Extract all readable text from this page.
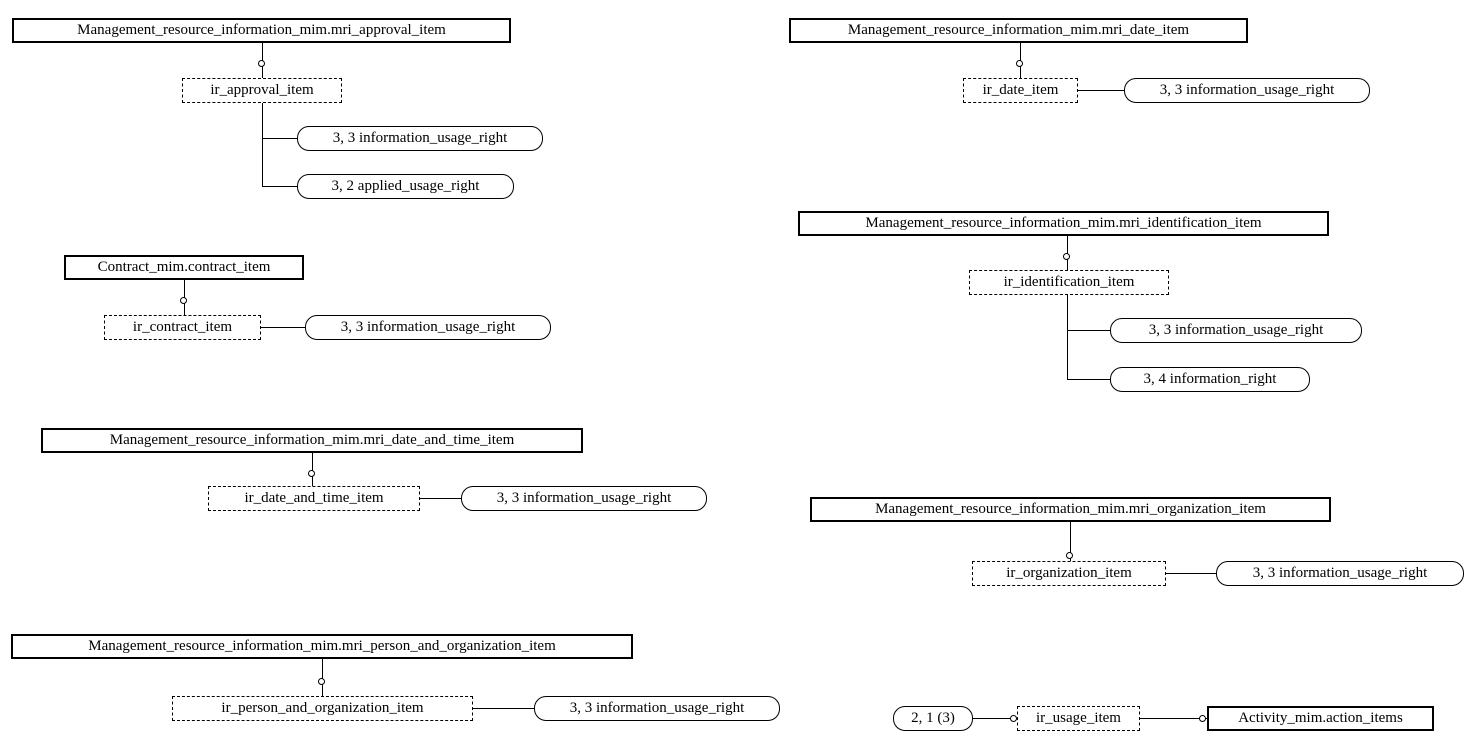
Management_resource_information_mim.mri_approval_item
ir_approval_item
3, 3 information_usage_right
3, 2 applied_usage_right
Contract_mim.contract_item
ir_contract_item	3, 3 information_usage_right
Management_resource_information_mim.mri_date_and_time_item
ir_date_and_time_item	3, 3 information_usage_right
Management_resource_information_mim.mri_person_and_organization_item
ir_person_and_organization_item	3, 3 information_usage_right
Management_resource_information_mim.mri_date_item
ir_date_item	3, 3 information_usage_right
Management_resource_information_mim.mri_identification_item
ir_identification_item
3, 3 information_usage_right
3, 4 information_right
Management_resource_information_mim.mri_organization_item
ir_organization_item	3, 3 information_usage_right
2, 1 (3)	ir_usage_item	Activity_mim.action_items
